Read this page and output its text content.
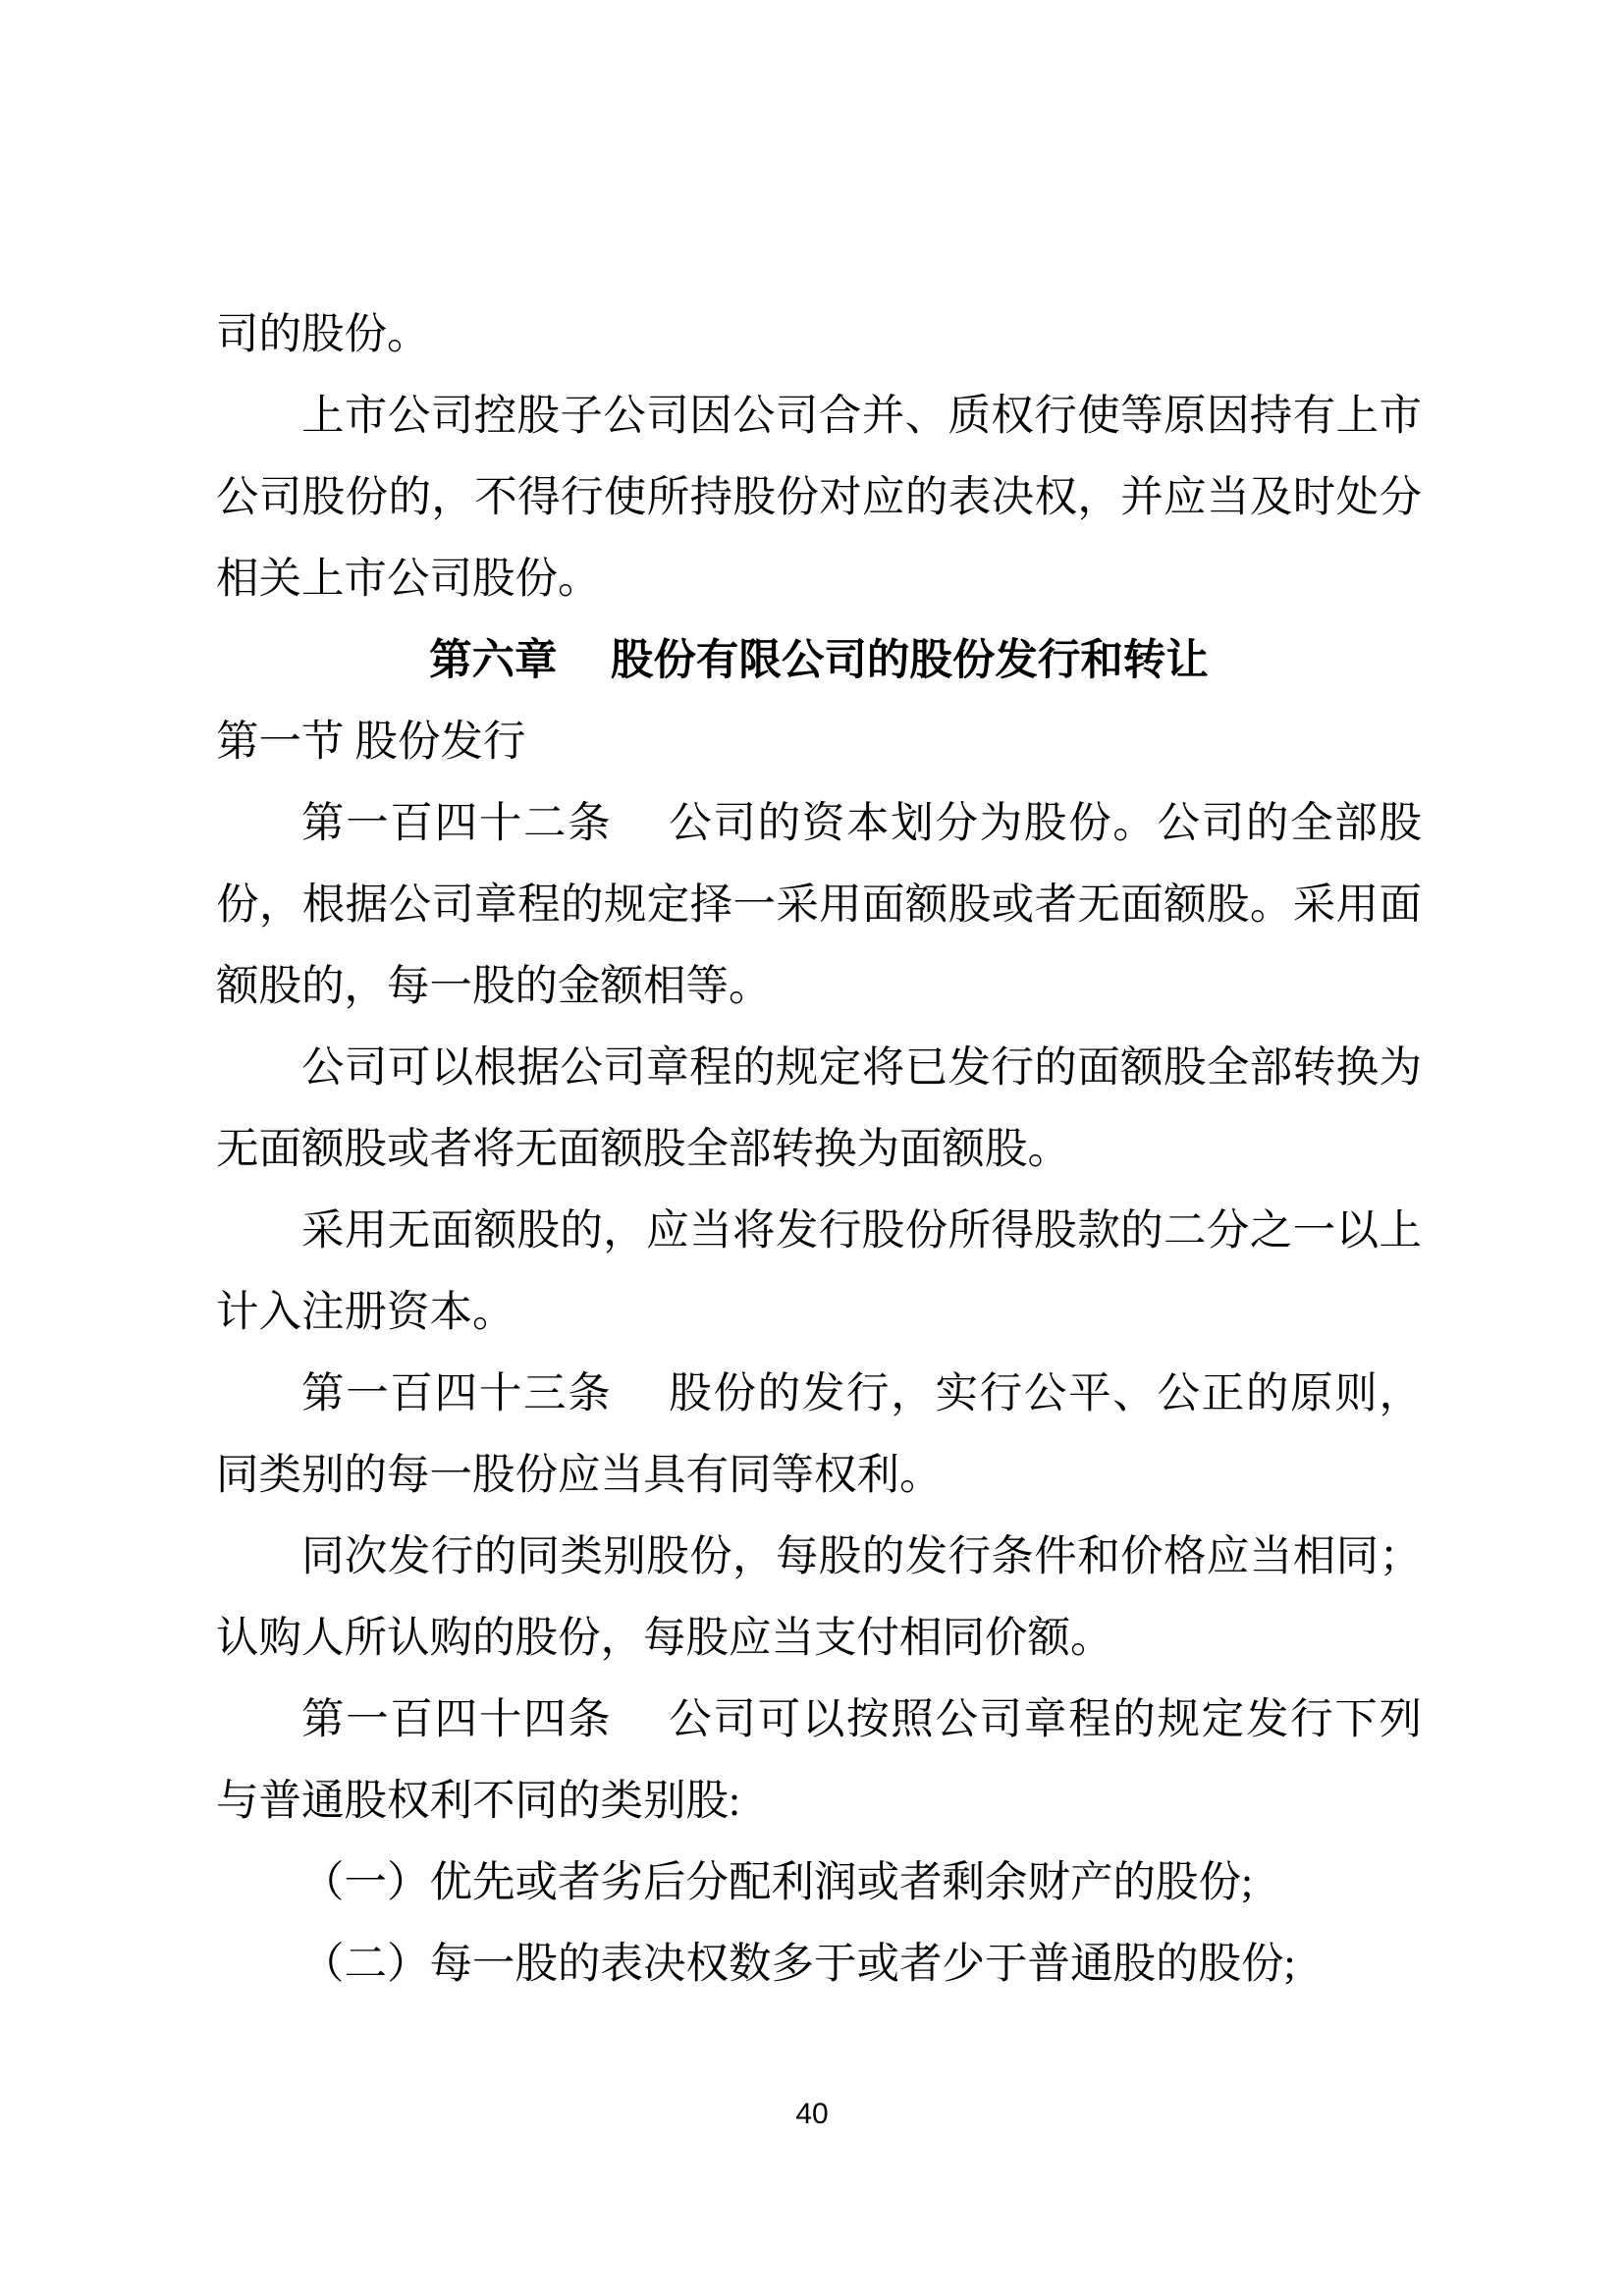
司的股份。

上市公司控股子公司因公司合并、质权行使等原因持有上市公司股份的，不得行使所持股份对应的表决权，并应当及时处分相关上市公司股份。

第六章　 股份有限公司的股份发行和转让

第一节 股份发行

第一百四十二条　 公司的资本划分为股份。公司的全部股份，根据公司章程的规定择一采用面额股或者无面额股。采用面额股的，每一股的金额相等。

公司可以根据公司章程的规定将已发行的面额股全部转换为无面额股或者将无面额股全部转换为面额股。

采用无面额股的，应当将发行股份所得股款的二分之一以上计入注册资本。

第一百四十三条　 股份的发行，实行公平、公正的原则，同类别的每一股份应当具有同等权利。

同次发行的同类别股份，每股的发行条件和价格应当相同；认购人所认购的股份，每股应当支付相同价额。

第一百四十四条　 公司可以按照公司章程的规定发行下列与普通股权利不同的类别股:

（一）优先或者劣后分配利润或者剩余财产的股份;

（二）每一股的表决权数多于或者少于普通股的股份;

40
